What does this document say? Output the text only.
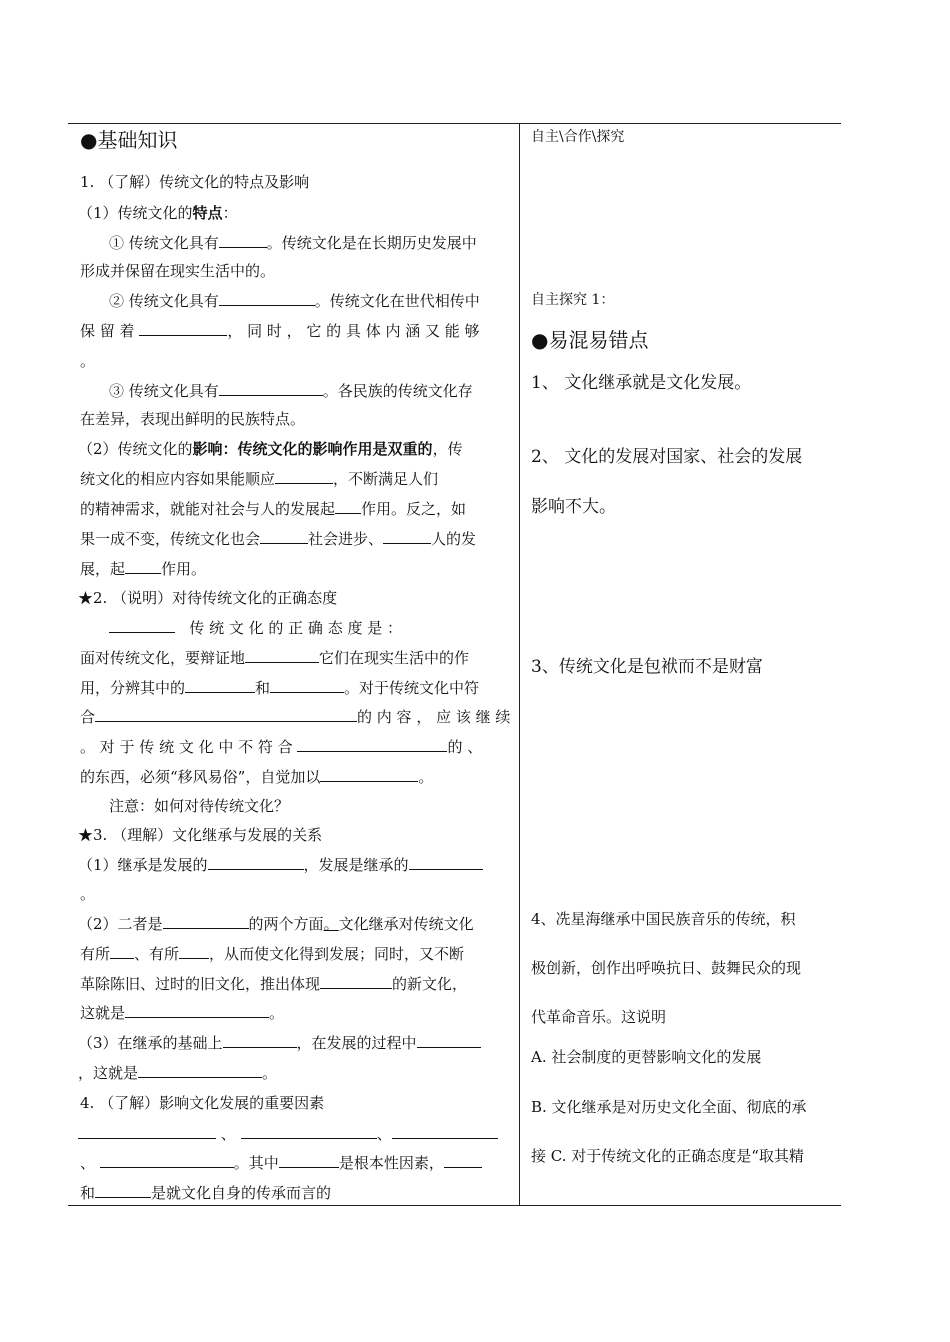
●基础知识
1. （了解）传统文化的特点及影响
（1）传统文化的特点：
① 传统文化具有	。传统文化是在长期历史发展中
形成并保留在现实生活中的。
② 传统文化具有	。传统文化在世代相传中
保 留 着	， 同 时 ， 它 的 具 体 内 涵 又 能 够
。
③ 传统文化具有	。各民族的传统文化存
在差异，表现出鲜明的民族特点。
（2）传统文化的影响：传统文化的影响作用是双重的，传
统文化的相应内容如果能顺应	，不断满足人们
的精神需求，就能对社会与人的发展起 作用。反之，如
果一成不变，传统文化也会	社会进步、	人的发
展，起 作用。
★2. （说明）对待传统文化的正确态度
传 统 文 化 的 正 确 态 度 是 ：
面对传统文化，要辩证地	它们在现实生活中的作
用，分辨其中的	和	。对于传统文化中符
合	的 内 容 ， 应 该 继 续
。 对 于 传 统 文 化 中 不 符 合	的 、
的东西，必须“移风易俗”，自觉加以	。
注意：如何对待传统文化？
★3. （理解）文化继承与发展的关系
（1）继承是发展的	，发展是继承的
。
（2）二者是	的两个方面。文化继承对传统文化
有所 、有所 ，从而使文化得到发展；同时，又不断
革除陈旧、过时的旧文化，推出体现	的新文化，
这就是	。
（3）在继承的基础上	，在发展的过程中
，这就是	。
4. （了解）影响文化发展的重要因素
、	、
、	。其中	是根本性因素，
和	是就文化自身的传承而言的
自主\合作\探究
自主探究 1：
●易混易错点
1、 文化继承就是文化发展。
2、 文化的发展对国家、社会的发展
影响不大。
3、传统文化是包袱而不是财富
4、冼星海继承中国民族音乐的传统，积
极创新，创作出呼唤抗日、鼓舞民众的现
代革命音乐。这说明
A. 社会制度的更替影响文化的发展
B. 文化继承是对历史文化全面、彻底的承
接 C. 对于传统文化的正确态度是“取其精
